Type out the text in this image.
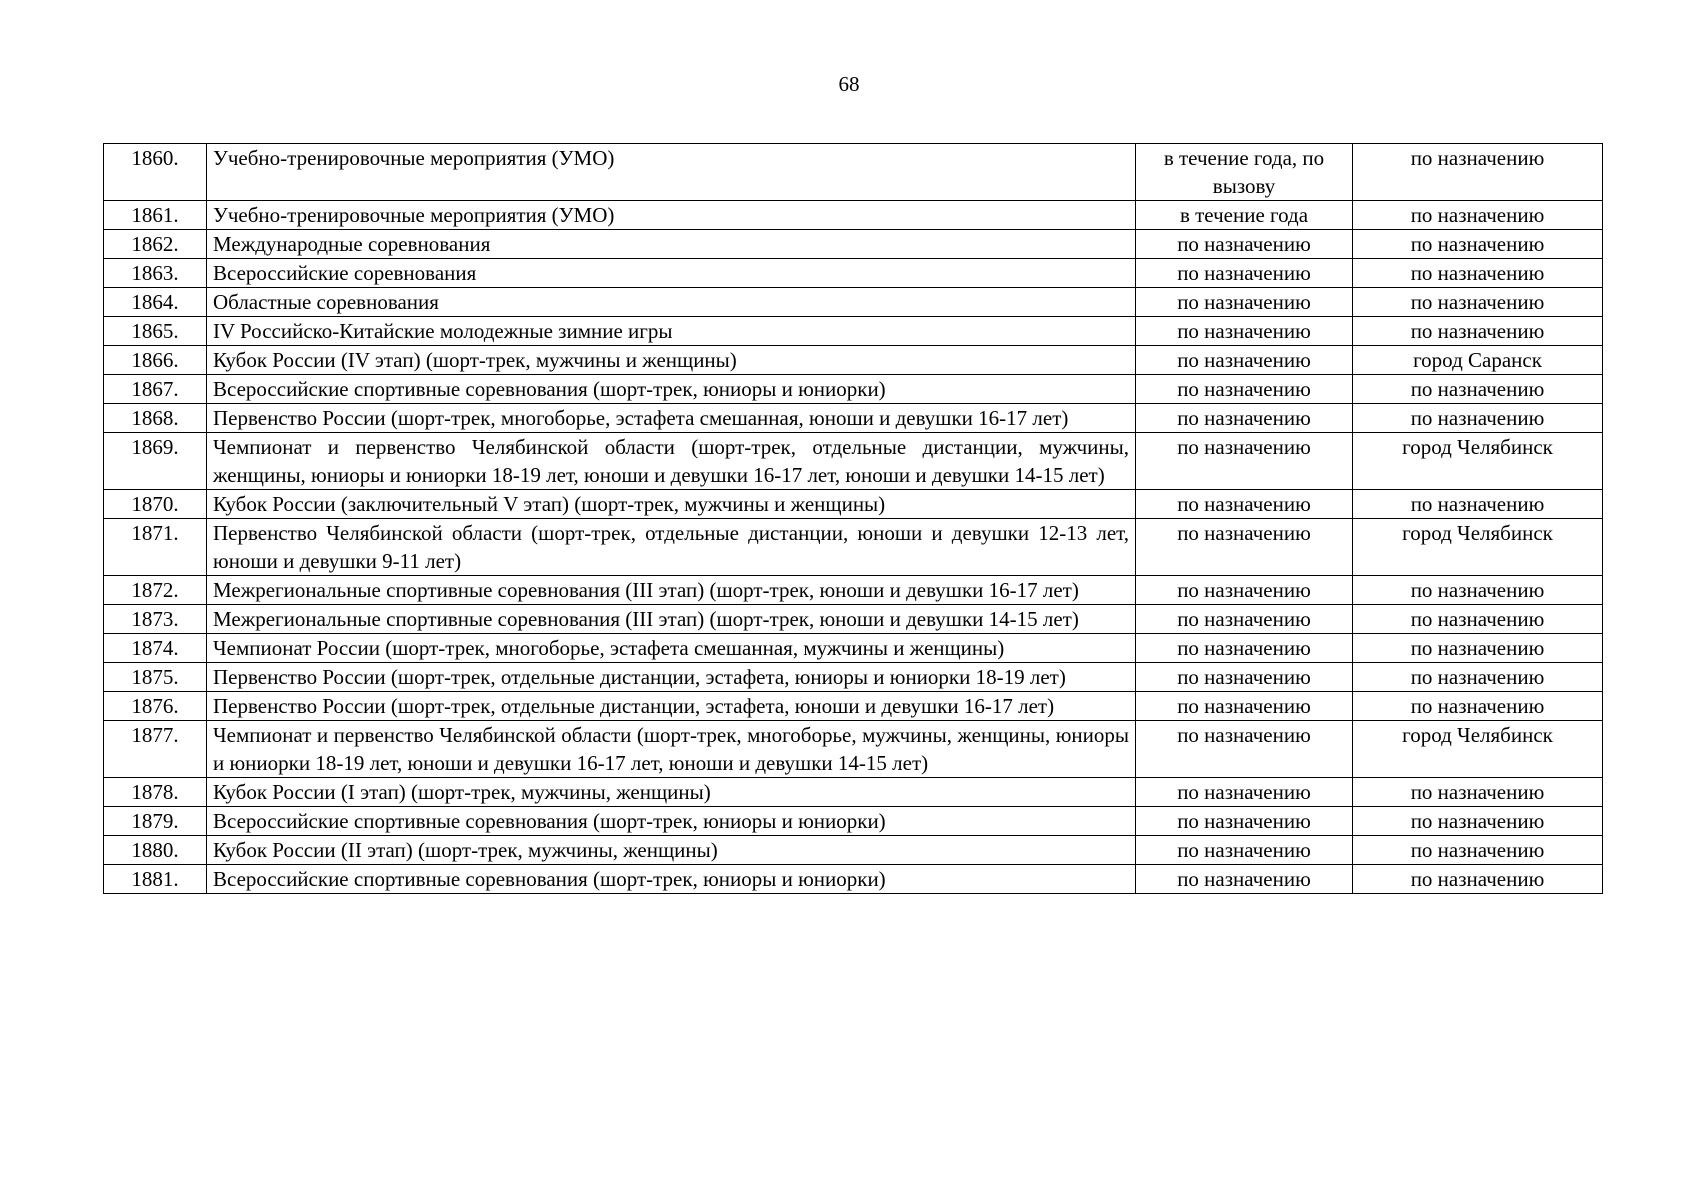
68
1860.	Учебно-тренировочные мероприятия (УМО)	в течение года, по вызову	по назначению
1861.	Учебно-тренировочные мероприятия (УМО)	в течение года	по назначению
1862.	Международные соревнования	по назначению	по назначению
1863.	Всероссийские соревнования	по назначению	по назначению
1864.	Областные соревнования	по назначению	по назначению
1865.	IV Российско-Китайские молодежные зимние игры	по назначению	по назначению
1866.	Кубок России (IV этап) (шорт-трек, мужчины и женщины)	по назначению	город Саранск
1867.	Всероссийские спортивные соревнования (шорт-трек, юниоры и юниорки)	по назначению	по назначению
1868.	Первенство России (шорт-трек, многоборье, эстафета смешанная, юноши и девушки 16-17 лет)	по назначению	по назначению
1869.	Чемпионат и первенство Челябинской области (шорт-трек, отдельные дистанции, мужчины, женщины, юниоры и юниорки 18-19 лет, юноши и девушки 16-17 лет, юноши и девушки 14-15 лет)	по назначению	город Челябинск
1870.	Кубок России (заключительный V этап) (шорт-трек, мужчины и женщины)	по назначению	по назначению
1871.	Первенство Челябинской области (шорт-трек, отдельные дистанции, юноши и девушки 12-13 лет, юноши и девушки 9-11 лет)	по назначению	город Челябинск
1872.	Межрегиональные спортивные соревнования (III этап) (шорт-трек, юноши и девушки 16-17 лет)	по назначению	по назначению
1873.	Межрегиональные спортивные соревнования (III этап) (шорт-трек, юноши и девушки 14-15 лет)	по назначению	по назначению
1874.	Чемпионат России (шорт-трек, многоборье, эстафета смешанная, мужчины и женщины)	по назначению	по назначению
1875.	Первенство России (шорт-трек, отдельные дистанции, эстафета, юниоры и юниорки 18-19 лет)	по назначению	по назначению
1876.	Первенство России (шорт-трек, отдельные дистанции, эстафета, юноши и девушки 16-17 лет)	по назначению	по назначению
1877.	Чемпионат и первенство Челябинской области (шорт-трек, многоборье, мужчины, женщины, юниоры и юниорки 18-19 лет, юноши и девушки 16-17 лет, юноши и девушки 14-15 лет)	по назначению	город Челябинск
1878.	Кубок России (I этап) (шорт-трек, мужчины, женщины)	по назначению	по назначению
1879.	Всероссийские спортивные соревнования (шорт-трек, юниоры и юниорки)	по назначению	по назначению
1880.	Кубок России (II этап) (шорт-трек, мужчины, женщины)	по назначению	по назначению
1881.	Всероссийские спортивные соревнования (шорт-трек, юниоры и юниорки)	по назначению	по назначению
